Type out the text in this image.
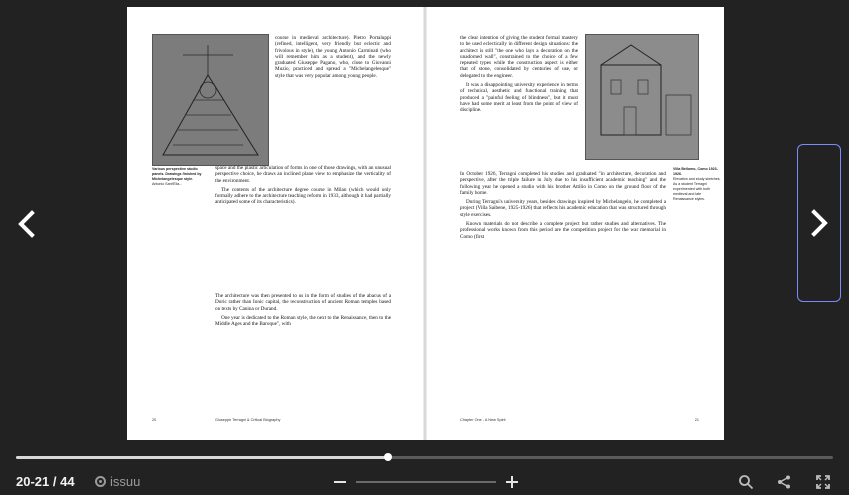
Various perspective studio panels. Drawings finished by Michelangelesque style.
Antonio Sant'Elia...

course in medieval architecture). Pietro Portaluppi (refined, intelligent, very friendly but eclectic and frivolous in style), the young Antonio Carminati (who will remember him as a student), and the newly graduated Giuseppe Pagano, who, close to Giovanni Muzio, practiced and spread a "Michelangelesque" style that was very popular among young people.

space and the plastic articulation of forms in one of those drawings, with an unusual perspective choice, he draws an inclined plane view to emphasize the verticality of the environment.

The contents of the architecture degree course in Milan (which would only formally adhere to the architecture teaching reform in 1933, although it had partially anticipated some of its characteristics).

The architecture was then presented to us in the form of studies of the abacus of a Doric rather than Ionic capital, the reconstruction of ancient Roman temples based on texts by Canina or Durand.

One year is dedicated to the Roman style, the next to the Renaissance, then to the Middle Ages and the Baroque", with

20	Giuseppe Terragni & Critical Biography

the clear intention of giving the student formal mastery to be used eclectically in different design situations: the architect is still "the one who lays a decoration on the unadorned wall", constrained to the choice of a few repeated types while the construction aspect is either that of stone, consolidated by centuries of use, or delegated to the engineer.

It was a disappointing university experience in terms of technical, aesthetic and functional training that produced a "painful feeling of blindness", but it must have had some merit at least from the point of view of discipline.

Villa Bellomo, Como 1923-1926.
Elevation and study sketches. As a student Terragni experimented with both medieval and late Renaissance styles.

In October 1926, Terragni completed his studies and graduated "in architecture, decoration and perspective, after the triple failure in July due to his insufficient academic teaching" and the following year he opened a studio with his brother Attilio in Como on the ground floor of the family home.

During Terragni's university years, besides drawings inspired by Michelangelo, he completed a project (Villa Saibene, 1925-1926) that reflects his academic education that was structured through style exercises.

Known materials do not describe a complete project but rather studies and alternatives. The professional works known from this period are the competition project for the war memorial in Como (first

Chapter One - A New Spirit	21
20-21 / 44	issuu
